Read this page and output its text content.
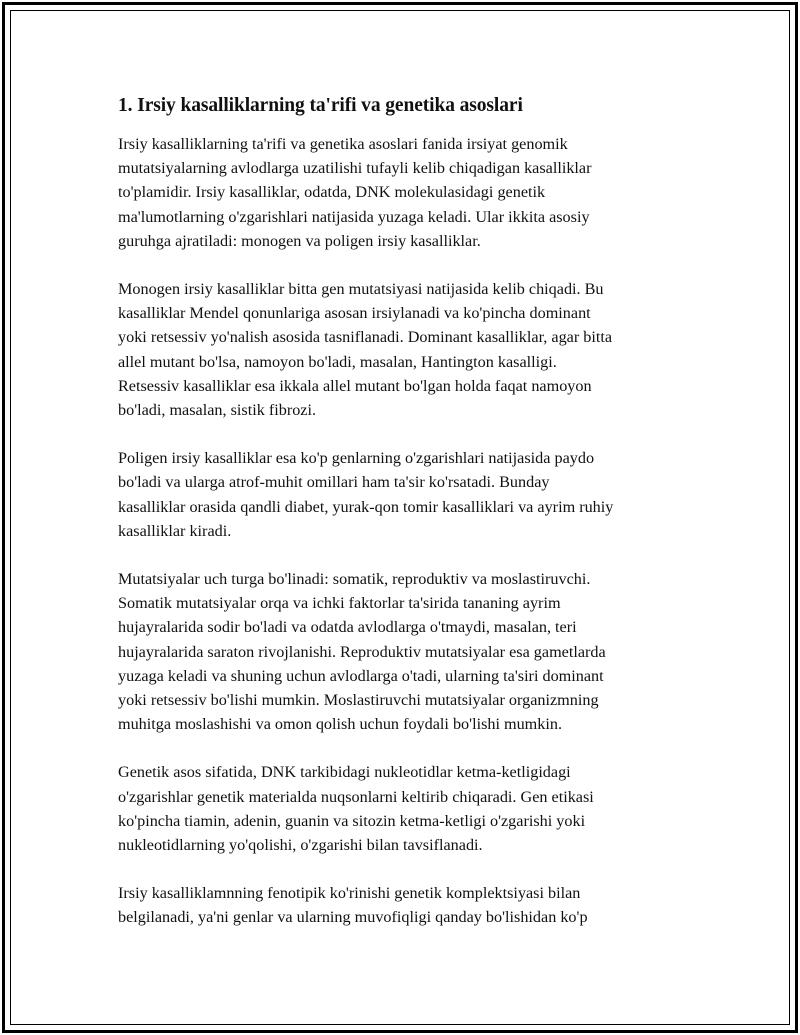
1. Irsiy kasalliklarning ta'rifi va genetika asoslari

Irsiy kasalliklarning ta'rifi va genetika asoslari fanida irsiyat genomik
mutatsiyalarning avlodlarga uzatilishi tufayli kelib chiqadigan kasalliklar
to'plamidir. Irsiy kasalliklar, odatda, DNK molekulasidagi genetik
ma'lumotlarning o'zgarishlari natijasida yuzaga keladi. Ular ikkita asosiy
guruhga ajratiladi: monogen va poligen irsiy kasalliklar.

Monogen irsiy kasalliklar bitta gen mutatsiyasi natijasida kelib chiqadi. Bu
kasalliklar Mendel qonunlariga asosan irsiylanadi va ko'pincha dominant
yoki retsessiv yo'nalish asosida tasniflanadi. Dominant kasalliklar, agar bitta
allel mutant bo'lsa, namoyon bo'ladi, masalan, Hantington kasalligi.
Retsessiv kasalliklar esa ikkala allel mutant bo'lgan holda faqat namoyon
bo'ladi, masalan, sistik fibrozi.

Poligen irsiy kasalliklar esa ko'p genlarning o'zgarishlari natijasida paydo
bo'ladi va ularga atrof-muhit omillari ham ta'sir ko'rsatadi. Bunday
kasalliklar orasida qandli diabet, yurak-qon tomir kasalliklari va ayrim ruhiy
kasalliklar kiradi.

Mutatsiyalar uch turga bo'linadi: somatik, reproduktiv va moslastiruvchi.
Somatik mutatsiyalar orqa va ichki faktorlar ta'sirida tananing ayrim
hujayralarida sodir bo'ladi va odatda avlodlarga o'tmaydi, masalan, teri
hujayralarida saraton rivojlanishi. Reproduktiv mutatsiyalar esa gametlarda
yuzaga keladi va shuning uchun avlodlarga o'tadi, ularning ta'siri dominant
yoki retsessiv bo'lishi mumkin. Moslastiruvchi mutatsiyalar organizmning
muhitga moslashishi va omon qolish uchun foydali bo'lishi mumkin.

Genetik asos sifatida, DNK tarkibidagi nukleotidlar ketma-ketligidagi
o'zgarishlar genetik materialda nuqsonlarni keltirib chiqaradi. Gen etikasi
ko'pincha tiamin, adenin, guanin va sitozin ketma-ketligi o'zgarishi yoki
nukleotidlarning yo'qolishi, o'zgarishi bilan tavsiflanadi.

Irsiy kasalliklamnning fenotipik ko'rinishi genetik komplektsiyasi bilan
belgilanadi, ya'ni genlar va ularning muvofiqligi qanday bo'lishidan ko'p
